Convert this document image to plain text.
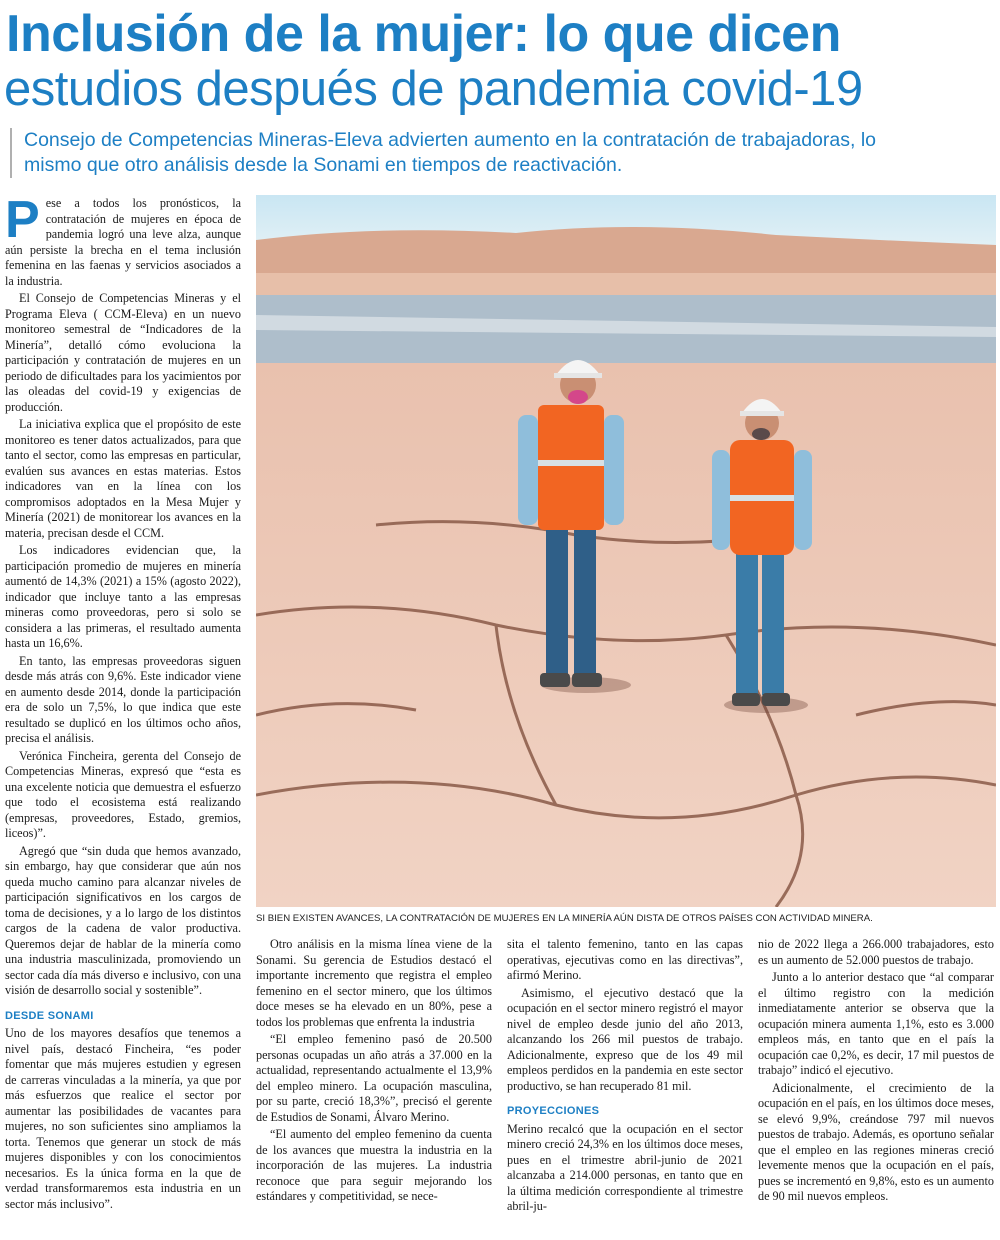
Inclusión de la mujer: lo que dicen
estudios después de pandemia covid-19
Consejo de Competencias Mineras-Eleva advierten aumento en la contratación de trabajadoras, lo mismo que otro análisis desde la Sonami en tiempos de reactivación.

Pese a todos los pronósticos, la contratación de mujeres en época de pandemia logró una leve alza, aunque aún persiste la brecha en el tema inclusión femenina en las faenas y servicios asociados a la industria.

El Consejo de Competencias Mineras y el Programa Eleva ( CCM-Eleva) en un nuevo monitoreo semestral de “Indicadores de la Minería”, detalló cómo evoluciona la participación y contratación de mujeres en un periodo de dificultades para los yacimientos por las oleadas del covid-19 y exigencias de producción.

La iniciativa explica que el propósito de este monitoreo es tener datos actualizados, para que tanto el sector, como las empresas en particular, evalúen sus avances en estas materias. Estos indicadores van en la línea con los compromisos adoptados en la Mesa Mujer y Minería (2021) de monitorear los avances en la materia, precisan desde el CCM.

Los indicadores evidencian que, la participación promedio de mujeres en minería aumentó de 14,3% (2021) a 15% (agosto 2022), indicador que incluye tanto a las empresas mineras como proveedoras, pero si solo se considera a las primeras, el resultado aumenta hasta un 16,6%.

En tanto, las empresas proveedoras siguen desde más atrás con 9,6%. Este indicador viene en aumento desde 2014, donde la participación era de solo un 7,5%, lo que indica que este resultado se duplicó en los últimos ocho años, precisa el análisis.

Verónica Fincheira, gerenta del Consejo de Competencias Mineras, expresó que “esta es una excelente noticia que demuestra el esfuerzo que todo el ecosistema está realizando (empresas, proveedores, Estado, gremios, liceos)”.

Agregó que “sin duda que hemos avanzado, sin embargo, hay que considerar que aún nos queda mucho camino para alcanzar niveles de participación significativos en los cargos de toma de decisiones, y a lo largo de los distintos cargos de la cadena de valor productiva. Queremos dejar de hablar de la minería como una industria masculinizada, promoviendo un sector cada día más diverso e inclusivo, con una visión de desarrollo social y sostenible”.

DESDE SONAMI

Uno de los mayores desafíos que tenemos a nivel país, destacó Fincheira, “es poder fomentar que más mujeres estudien y egresen de carreras vinculadas a la minería, ya que por más esfuerzos que realice el sector por aumentar las posibilidades de vacantes para mujeres, no son suficientes sino ampliamos la torta. Tenemos que generar un stock de más mujeres disponibles y con los conocimientos necesarios. Es la única forma en la que de verdad transformaremos esta industria en un sector más inclusivo”.

SI BIEN EXISTEN AVANCES, LA CONTRATACIÓN DE MUJERES EN LA MINERÍA AÚN DISTA DE OTROS PAÍSES CON ACTIVIDAD MINERA.

Otro análisis en la misma línea viene de la Sonami. Su gerencia de Estudios destacó el importante incremento que registra el empleo femenino en el sector minero, que los últimos doce meses se ha elevado en un 80%, pese a todos los problemas que enfrenta la industria

“El empleo femenino pasó de 20.500 personas ocupadas un año atrás a 37.000 en la actualidad, representando actualmente el 13,9% del empleo minero. La ocupación masculina, por su parte, creció 18,3%”, precisó el gerente de Estudios de Sonami, Álvaro Merino.

“El aumento del empleo femenino da cuenta de los avances que muestra la industria en la incorporación de las mujeres. La industria reconoce que para seguir mejorando los estándares y competitividad, se nece-

sita el talento femenino, tanto en las capas operativas, ejecutivas como en las directivas”, afirmó Merino.

Asimismo, el ejecutivo destacó que la ocupación en el sector minero registró el mayor nivel de empleo desde junio del año 2013, alcanzando los 266 mil puestos de trabajo. Adicionalmente, expreso que de los 49 mil empleos perdidos en la pandemia en este sector productivo, se han recuperado 81 mil.

PROYECCIONES

Merino recalcó que la ocupación en el sector minero creció 24,3% en los últimos doce meses, pues en el trimestre abril-junio de 2021 alcanzaba a 214.000 personas, en tanto que en la última medición correspondiente al trimestre abril-ju-

nio de 2022 llega a 266.000 trabajadores, esto es un aumento de 52.000 puestos de trabajo.

Junto a lo anterior destaco que “al comparar el último registro con la medición inmediatamente anterior se observa que la ocupación minera aumenta 1,1%, esto es 3.000 empleos más, en tanto que en el país la ocupación cae 0,2%, es decir, 17 mil puestos de trabajo” indicó el ejecutivo.

Adicionalmente, el crecimiento de la ocupación en el país, en los últimos doce meses, se elevó 9,9%, creándose 797 mil nuevos puestos de trabajo. Además, es oportuno señalar que el empleo en las regiones mineras creció levemente menos que la ocupación en el país, pues se incrementó en 9,8%, esto es un aumento de 90 mil nuevos empleos.
